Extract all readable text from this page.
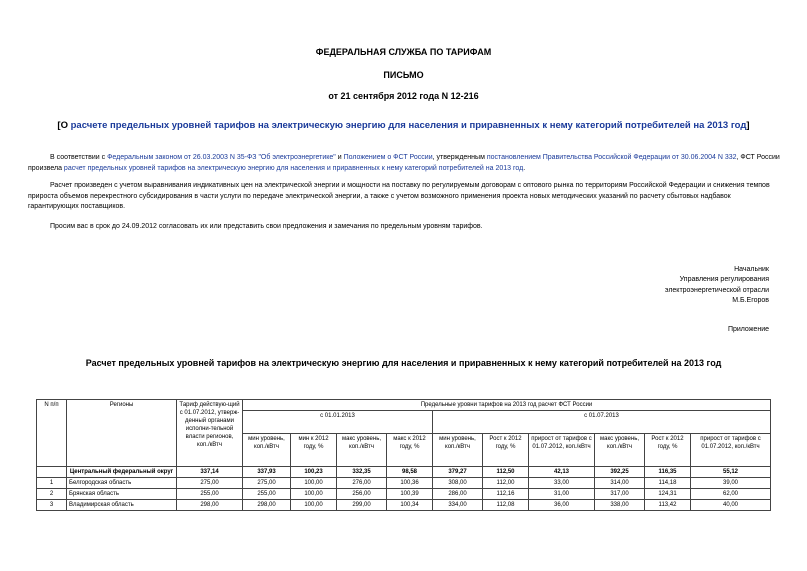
ФЕДЕРАЛЬНАЯ СЛУЖБА ПО ТАРИФАМ
ПИСЬМО
от 21 сентября 2012 года N 12-216
[О расчете предельных уровней тарифов на электрическую энергию для населения и приравненных к нему категорий потребителей на 2013 год]
В соответствии с Федеральным законом от 26.03.2003 N 35-ФЗ "Об электроэнергетике" и Положением о ФСТ России, утвержденным постановлением Правительства Российской Федерации от 30.06.2004 N 332, ФСТ России произвела расчет предельных уровней тарифов на электрическую энергию для населения и приравненных к нему категорий потребителей на 2013 год.
Расчет произведен с учетом выравнивания индикативных цен на электрической энергии и мощности на поставку по регулируемым договорам с оптового рынка по территориям Российской Федерации и снижения темпов прироста объемов перекрестного субсидирования в части услуги по передаче электрической энергии, а также с учетом возможного применения проекта новых методических указаний по расчету сбытовых надбавок гарантирующих поставщиков.
Просим вас в срок до 24.09.2012 согласовать их или представить свои предложения и замечания по предельным уровням тарифов.
Начальник
Управления регулирования
электроэнергетической отрасли
М.Б.Егоров
Приложение
Расчет предельных уровней тарифов на электрическую энергию для населения и приравненных к нему категорий потребителей на 2013 год
N п/п	Регионы	Тариф действую-щий с 01.07.2012, утверж-денный органами исполни-тельной власти регионов, коп./кВтч	Предельные уровни тарифов на 2013 год расчет ФСТ России									
			с 01.01.2013				с 01.07.2013					
			мин уровень, коп./кВтч	мин к 2012 году, %	макс уровень, коп./кВтч	макс к 2012 году, %	мин уровень, коп./кВтч	Рост к 2012 году, %	прирост от тарифов с 01.07.2012, коп./кВтч	макс уровень, коп./кВтч	Рост к 2012 году, %	прирост от тарифов с 01.07.2012, коп./кВтч
	Центральный федеральный округ	337,14	337,93	100,23	332,35	98,58	379,27	112,50	42,13	392,25	116,35	55,12
1	Белгородская область	275,00	275,00	100,00	276,00	100,36	308,00	112,00	33,00	314,00	114,18	39,00
2	Брянская область	255,00	255,00	100,00	256,00	100,39	286,00	112,16	31,00	317,00	124,31	62,00
3	Владимирская область	298,00	298,00	100,00	299,00	100,34	334,00	112,08	36,00	338,00	113,42	40,00
